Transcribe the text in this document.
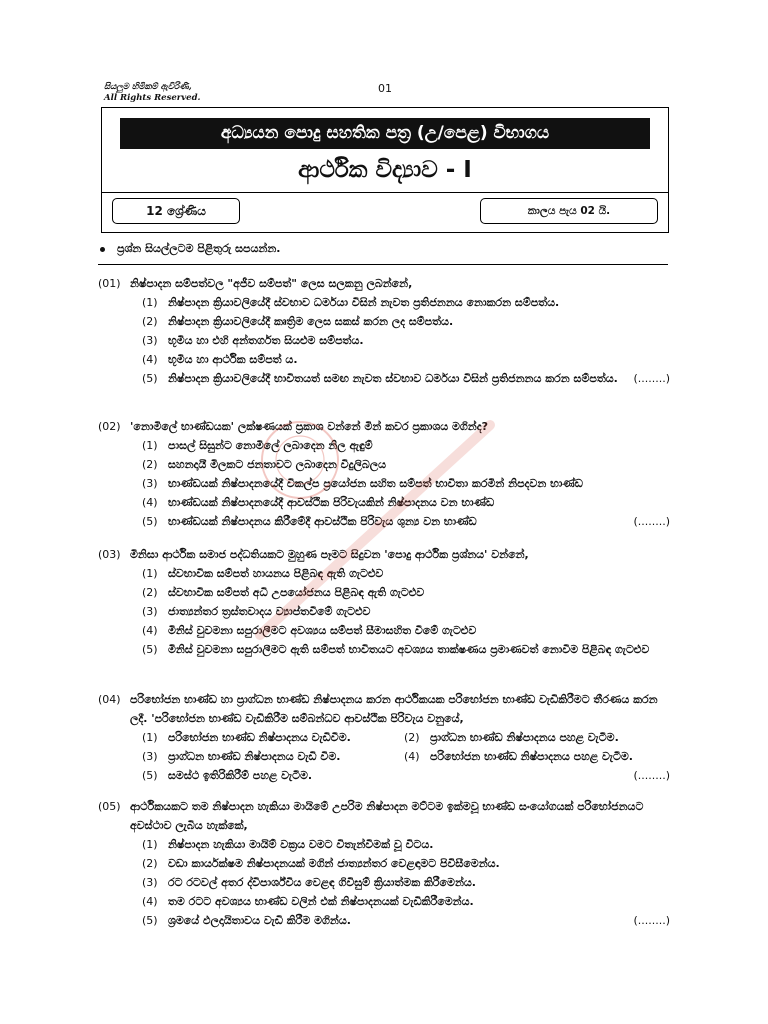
සියලුම හිමිකම් ඇවිරිණි,
All Rights Reserved.
01
අධ්‍යයන පොදු සහතික පත්‍ර (උ/පෙළ) විභාගය
ආර්ථික විද්‍යාව - I
12 ශ්‍රේණිය	කාලය පැය 02 යි.
ප්‍රශ්න සියල්ලටම පිළිතුරු සපයන්න.
(01) නිෂ්පාදන සම්පත්වල "අජීව සම්පත්" ලෙස සලකනු ලබන්නේ,
(1) නිෂ්පාදන ක්‍රියාවලියේදී ස්වභාව ධර්මයා විසින් නැවත ප්‍රතිජනනය නොකරන සම්පත්ය.
(2) නිෂ්පාදන ක්‍රියාවලියේදී කෘත්‍රිම ලෙස සකස් කරන ලද සම්පත්ය.
(3) භූමිය හා එහි අන්තර්ගත සියළුම සම්පත්ය.
(4) භූමිය හා ආර්ථික සම්පත් ය.
(5) නිෂ්පාදන ක්‍රියාවලියේදී භාවිතයත් සමඟ නැවත ස්වභාව ධර්මයා විසින් ප්‍රතිජනනය කරන සම්පත්ය. (........)
(02) 'නොමිලේ භාණ්ඩයක' ලක්ෂණයක් ප්‍රකාශ වන්නේ මින් කවර ප්‍රකාශය මගින්ද?
(1) පාසල් සිසුන්ට නොමිලේ ලබාදෙන නිල ඇඳුම්
(2) සහනදායී මිලකට ජනතාවට ලබාදෙන විදුලිබලය
(3) භාණ්ඩයක් නිෂ්පාදනයේදී විකල්ප ප්‍රයෝජන සහිත සම්පත් භාවිතා කරමින් නිපදවන භාණ්ඩ
(4) භාණ්ඩයක් නිෂ්පාදනයේදී ආවස්ථික පිරිවැයකින් නිෂ්පාදනය වන භාණ්ඩ
(5) භාණ්ඩයක් නිෂ්පාදනය කිරීමේදී ආවස්ථික පිරිවැය ශුන්‍ය වන භාණ්ඩ	(........)
(03) මිනිසා ආර්ථික සමාජ පද්ධතියකට මුහුණ පෑමට සිදුවන 'පොදු ආර්ථික ප්‍රශ්නය' වන්නේ,
(1) ස්වභාවික සම්පත් හායනය පිළිබඳ ඇති ගැටළුව
(2) ස්වභාවික සම්පත් අධි උපයෝජනය පිළිබඳ ඇති ගැටළුව
(3) ජාත්‍යන්තර ත්‍රස්තවාදය ව්‍යාප්තවීමේ ගැටළුව
(4) මිනිස් වුවමනා සපුරාලීමට අවශ්‍යය සම්පත් සීමාසහිත වීමේ ගැටළුව
(5) මිනිස් වුවමනා සපුරාලීමට ඇති සම්පත් භාවිතයට අවශ්‍යය තාක්ෂණය ප්‍රමාණවත් නොවීම පිළිබඳ ගැටළුව
(04) පරිභෝජන භාණ්ඩ හා ප්‍රාග්ධන භාණ්ඩ නිෂ්පාදනය කරන ආර්ථිකයක පරිභෝජන භාණ්ඩ වැඩිකිරීමට තීරණය කරන ලදී. 'පරිභෝජන භාණ්ඩ වැඩිකිරීම සම්බන්ධව ආවස්ථික පිරිවැය වනුයේ,
(1) පරිභෝජන භාණ්ඩ නිෂ්පාදනය වැඩිවීම.	(2) ප්‍රාග්ධන භාණ්ඩ නිෂ්පාදනය පහළ වැටීම.
(3) ප්‍රාග්ධන භාණ්ඩ නිෂ්පාදනය වැඩි වීම.	(4) පරිභෝජන භාණ්ඩ නිෂ්පාදනය පහළ වැටීම.
(5) සමස්ථ ඉතිරිකිරීම් පහළ වැටීම.	(........)
(05) ආර්ථිකයකට තම නිෂ්පාදන හැකියා මායිමේ උපරිම නිෂ්පාදන මට්ටම ඉක්මවූ භාණ්ඩ සංයෝගයක් පරිභෝජනයට අවස්ථාව ලැබිය හැක්කේ,
(1) නිෂ්පාදන හැකියා මායිම් වක්‍රය වමට විතැන්වීමක් වූ විටය.
(2) වඩා කාර්යක්ෂම නිෂ්පාදනයක් මගින් ජාත්‍යන්තර වෙළඳාමට පිවිසීමෙන්ය.
(3) රට රටවල් අතර ද්විපාර්ශ්වීය වෙළඳ ගිවිසුම් ක්‍රියාත්මක කිරීමෙන්ය.
(4) තම රටට අවශ්‍යය භාණ්ඩ වලින් එක් නිෂ්පාදනයක් වැඩිකිරීමෙන්ය.
(5) ශ්‍රමයේ ඵලදායිතාවය වැඩි කිරීම මගින්ය.	(........)
